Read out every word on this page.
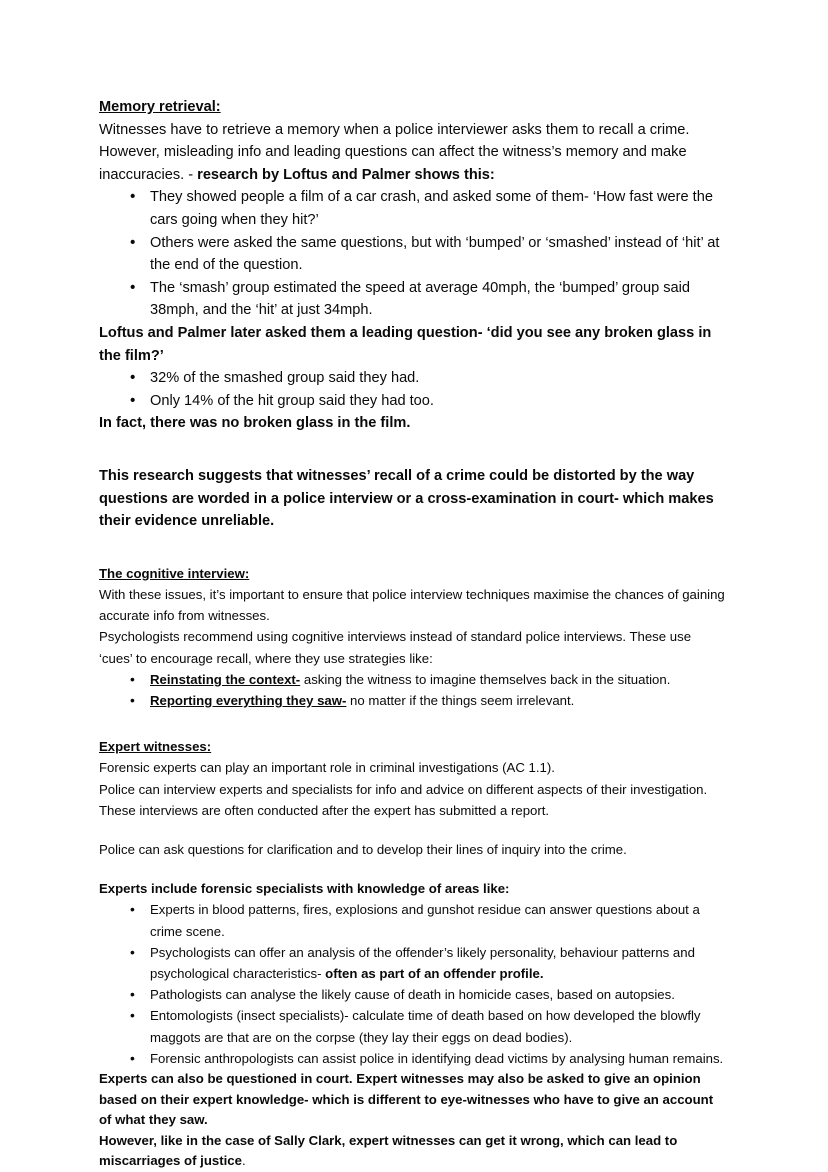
Memory retrieval:

Witnesses have to retrieve a memory when a police interviewer asks them to recall a crime. However, misleading info and leading questions can affect the witness’s memory and make inaccuracies. - research by Loftus and Palmer shows this:

• They showed people a film of a car crash, and asked some of them- ‘How fast were the cars going when they hit?’
• Others were asked the same questions, but with ‘bumped’ or ‘smashed’ instead of ‘hit’ at the end of the question.
• The ‘smash’ group estimated the speed at average 40mph, the ‘bumped’ group said 38mph, and the ‘hit’ at just 34mph.

Loftus and Palmer later asked them a leading question- ‘did you see any broken glass in the film?’

• 32% of the smashed group said they had.
• Only 14% of the hit group said they had too.

In fact, there was no broken glass in the film.

This research suggests that witnesses’ recall of a crime could be distorted by the way questions are worded in a police interview or a cross-examination in court- which makes their evidence unreliable.

The cognitive interview:

With these issues, it’s important to ensure that police interview techniques maximise the chances of gaining accurate info from witnesses.

Psychologists recommend using cognitive interviews instead of standard police interviews. These use ‘cues’ to encourage recall, where they use strategies like:

• Reinstating the context- asking the witness to imagine themselves back in the situation.
• Reporting everything they saw- no matter if the things seem irrelevant.
Expert witnesses:

Forensic experts can play an important role in criminal investigations (AC 1.1).

Police can interview experts and specialists for info and advice on different aspects of their investigation. These interviews are often conducted after the expert has submitted a report.

Police can ask questions for clarification and to develop their lines of inquiry into the crime.

Experts include forensic specialists with knowledge of areas like:

• Experts in blood patterns, fires, explosions and gunshot residue can answer questions about a crime scene.
• Psychologists can offer an analysis of the offender’s likely personality, behaviour patterns and psychological characteristics- often as part of an offender profile.
• Pathologists can analyse the likely cause of death in homicide cases, based on autopsies.
• Entomologists (insect specialists)- calculate time of death based on how developed the blowfly maggots are that are on the corpse (they lay their eggs on dead bodies).
• Forensic anthropologists can assist police in identifying dead victims by analysing human remains.

Experts can also be questioned in court. Expert witnesses may also be asked to give an opinion based on their expert knowledge- which is different to eye-witnesses who have to give an account of what they saw.

However, like in the case of Sally Clark, expert witnesses can get it wrong, which can lead to miscarriages of justice.
